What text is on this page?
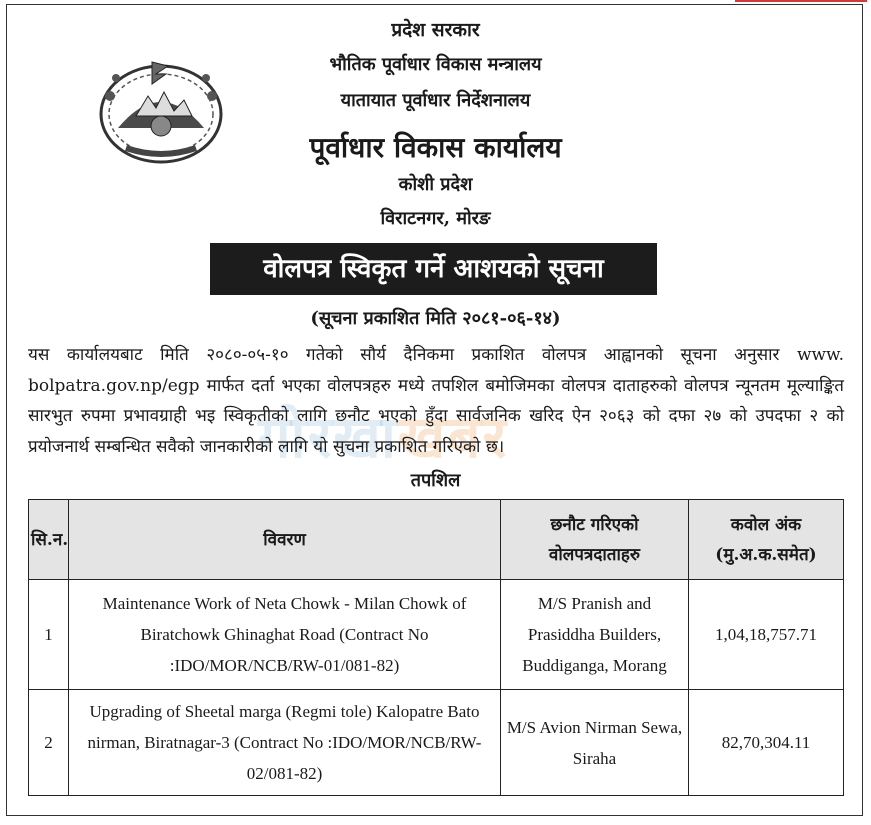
प्रदेश सरकार
भौतिक पूर्वाधार विकास मन्त्रालय
यातायात पूर्वाधार निर्देशनालय
पूर्वाधार विकास कार्यालय
कोशी प्रदेश
विराटनगर, मोरङ
वोलपत्र स्विकृत गर्ने आशयको सूचना
(सूचना प्रकाशित मिति २०८१-०६-१४)
गोरखाखबर
यस कार्यालयबाट मिति २०८०-०५-१० गतेको सौर्य दैनिकमा प्रकाशित वोलपत्र आह्वानको सूचना अनुसार www. bolpatra.gov.np/egp मार्फत दर्ता भएका वोलपत्रहरु मध्ये तपशिल बमोजिमका वोलपत्र दाताहरुको वोलपत्र न्यूनतम मूल्याङ्कित सारभुत रुपमा प्रभावग्राही भइ स्विकृतीको लागि छनौट भएको हुँदा सार्वजनिक खरिद ऐन २०६३ को दफा २७ को उपदफा २ को प्रयोजनार्थ सम्बन्धित सवैको जानकारीको लागि यो सुचना प्रकाशित गरिएको छ।
तपशिल
सि.न.	विवरण	छनौट गरिएको वोलपत्रदाताहरु	कवोल अंक (मु.अ.क.समेत)
1	Maintenance Work of Neta Chowk - Milan Chowk of Biratchowk Ghinaghat Road (Contract No :IDO/MOR/NCB/RW-01/081-82)	M/S Pranish and Prasiddha Builders, Buddiganga, Morang	1,04,18,757.71
2	Upgrading of Sheetal marga (Regmi tole) Kalopatre Bato nirman, Biratnagar-3 (Contract No :IDO/MOR/NCB/RW-02/081-82)	M/S Avion Nirman Sewa, Siraha	82,70,304.11
